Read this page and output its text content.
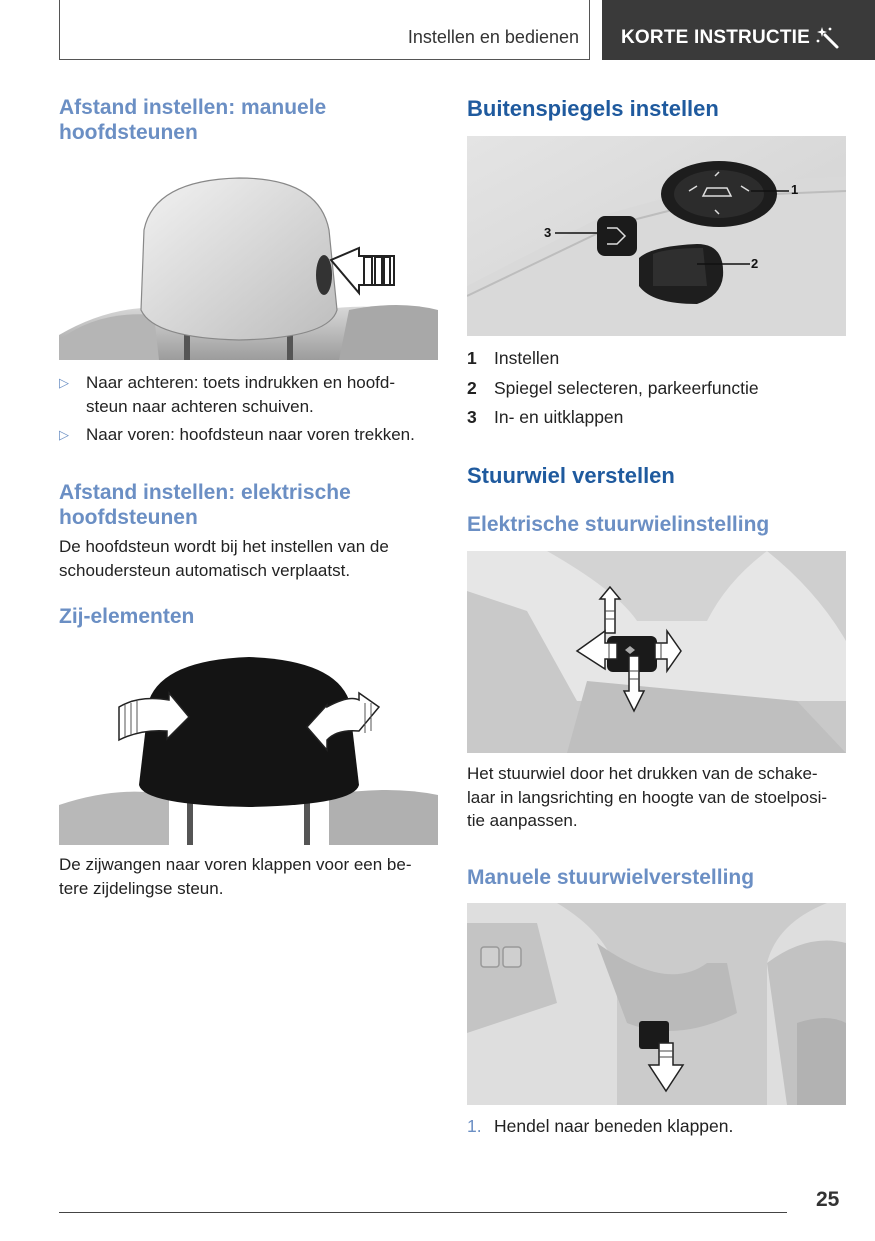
Instellen en bedienen KORTE INSTRUCTIE
Afstand instellen: manuele
hoofdsteunen
▷	Naar achteren: toets indrukken en hoofd-
steun naar achteren schuiven.
▷	Naar voren: hoofdsteun naar voren trekken.
Afstand instellen: elektrische
hoofdsteunen
De hoofdsteun wordt bij het instellen van de
schoudersteun automatisch verplaatst.
Zij-elementen
De zijwangen naar voren klappen voor een be-
tere zijdelingse steun.
Buitenspiegels instellen
1
2
3
1 Instellen
2 Spiegel selecteren, parkeerfunctie
3 In- en uitklappen
Stuurwiel verstellen
Elektrische stuurwielinstelling
Het stuurwiel door het drukken van de schake-
laar in langsrichting en hoogte van de stoelposi-
tie aanpassen.
Manuele stuurwielverstelling
1. Hendel naar beneden klappen.
25
